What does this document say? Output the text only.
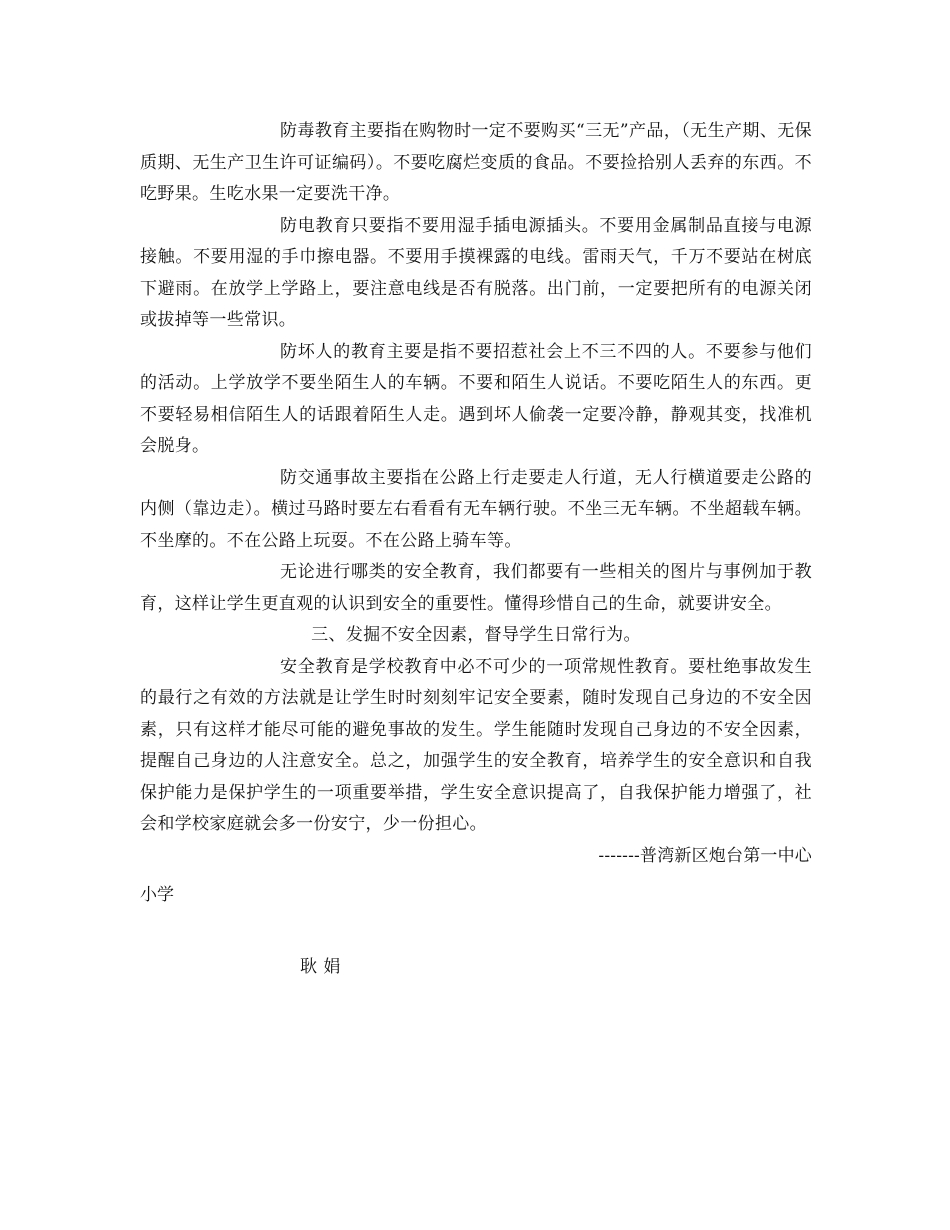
防毒教育主要指在购物时一定不要购买“三无”产品，（无生产期、无保质期、无生产卫生许可证编码）。不要吃腐烂变质的食品。不要捡拾别人丢弃的东西。不吃野果。生吃水果一定要洗干净。

防电教育只要指不要用湿手插电源插头。不要用金属制品直接与电源接触。不要用湿的手巾擦电器。不要用手摸裸露的电线。雷雨天气，千万不要站在树底下避雨。在放学上学路上，要注意电线是否有脱落。出门前，一定要把所有的电源关闭或拔掉等一些常识。

防坏人的教育主要是指不要招惹社会上不三不四的人。不要参与他们的活动。上学放学不要坐陌生人的车辆。不要和陌生人说话。不要吃陌生人的东西。更不要轻易相信陌生人的话跟着陌生人走。遇到坏人偷袭一定要冷静，静观其变，找准机会脱身。

防交通事故主要指在公路上行走要走人行道，无人行横道要走公路的内侧（靠边走）。横过马路时要左右看看有无车辆行驶。不坐三无车辆。不坐超载车辆。不坐摩的。不在公路上玩耍。不在公路上骑车等。

无论进行哪类的安全教育，我们都要有一些相关的图片与事例加于教育，这样让学生更直观的认识到安全的重要性。懂得珍惜自己的生命，就要讲安全。

三、发掘不安全因素，督导学生日常行为。

安全教育是学校教育中必不可少的一项常规性教育。要杜绝事故发生的最行之有效的方法就是让学生时时刻刻牢记安全要素，随时发现自己身边的不安全因素，只有这样才能尽可能的避免事故的发生。学生能随时发现自己身边的不安全因素，提醒自己身边的人注意安全。总之，加强学生的安全教育，培养学生的安全意识和自我保护能力是保护学生的一项重要举措，学生安全意识提高了，自我保护能力增强了，社会和学校家庭就会多一份安宁，少一份担心。

-------普湾新区炮台第一中心

小学

耿 娟
